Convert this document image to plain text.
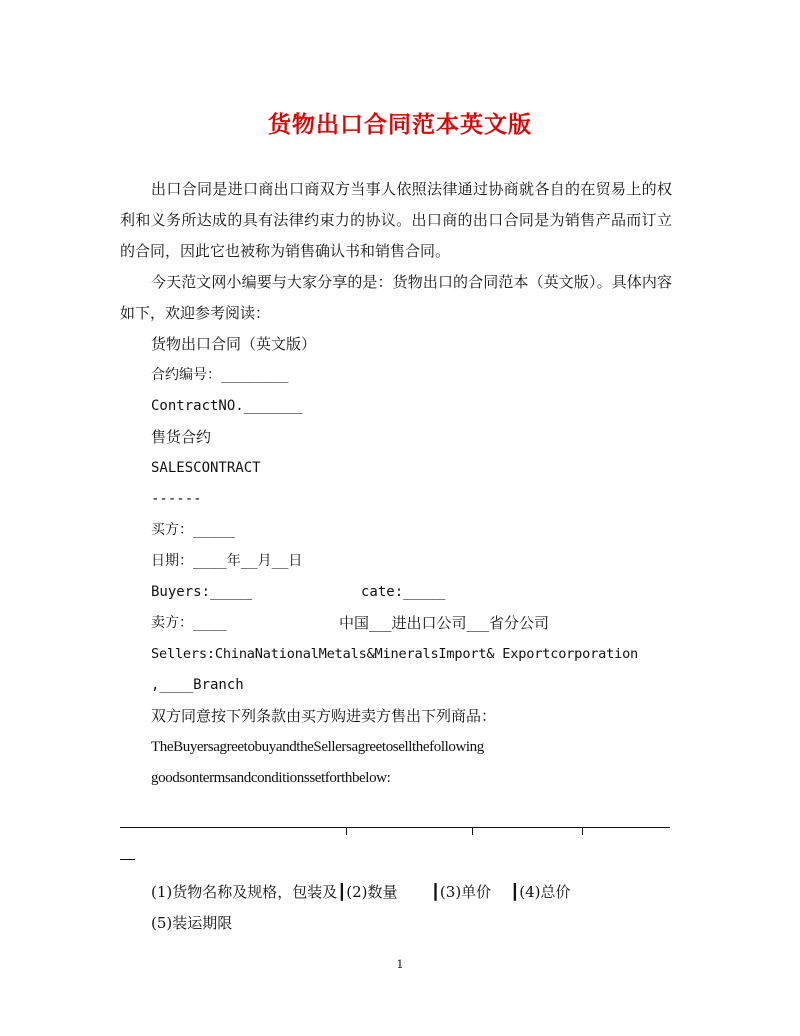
货物出口合同范本英文版

出口合同是进口商出口商双方当事人依照法律通过协商就各自的在贸易上的权利和义务所达成的具有法律约束力的协议。出口商的出口合同是为销售产品而订立的合同，因此它也被称为销售确认书和销售合同。

今天范文网小编要与大家分享的是：货物出口的合同范本（英文版）。具体内容如下，欢迎参考阅读：

货物出口合同（英文版）

合约编号：________

ContractNO._______

售货合约

SALESCONTRACT

------

买方：_____

日期：____年__月__日

Buyers:_____	cate:_____
卖方：____	中国___进出口公司___省分公司

Sellers:ChinaNationalMetals&MineralsImport& Exportcorporation

,____Branch

双方同意按下列条款由买方购进卖方售出下列商品：

TheBuyersagreetobuyandtheSellersagreetosellthefollowing

goodsontermsandconditionssetforthbelow:

(1)货物名称及规格，包装及┃(2)数量       ┃(3)单价    ┃(4)总价
(5)装运期限
1
